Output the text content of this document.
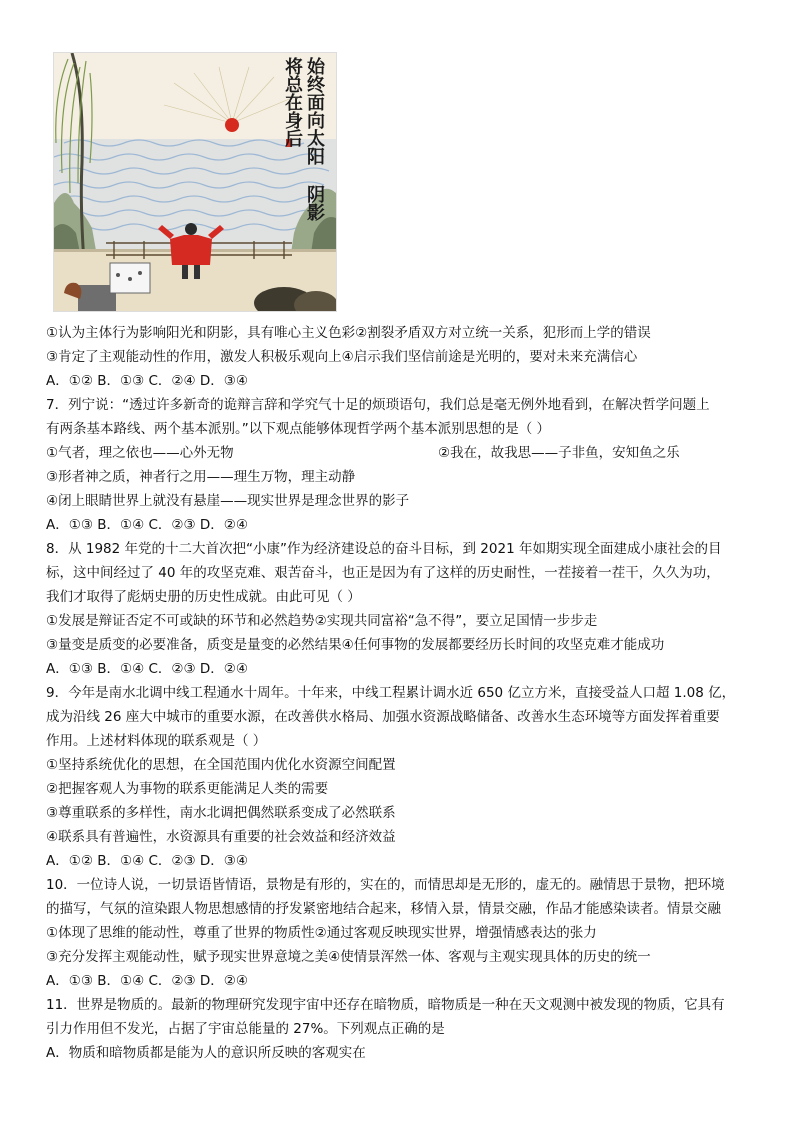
始终面向太阳
阴影
将总在身后
①认为主体行为影响阳光和阴影，具有唯心主义色彩②割裂矛盾双方对立统一关系，犯形而上学的错误
③肯定了主观能动性的作用，激发人积极乐观向上④启示我们坚信前途是光明的，要对未来充满信心
A．①② B．①③ C．②④ D．③④
7．列宁说：“透过许多新奇的诡辩言辞和学究气十足的烦琐语句，我们总是毫无例外地看到，在解决哲学问题上
有两条基本路线、两个基本派别。”以下观点能够体现哲学两个基本派别思想的是（ ）
①气者，理之依也——心外无物	②我在，故我思——子非鱼，安知鱼之乐
③形者神之质，神者行之用——理生万物，理主动静
④闭上眼睛世界上就没有悬崖——现实世界是理念世界的影子
A．①③ B．①④ C．②③ D．②④
8．从 1982 年党的十二大首次把“小康”作为经济建设总的奋斗目标，到 2021 年如期实现全面建成小康社会的目
标，这中间经过了 40 年的攻坚克难、艰苦奋斗，也正是因为有了这样的历史耐性，一茬接着一茬干，久久为功，
我们才取得了彪炳史册的历史性成就。由此可见（ ）
①发展是辩证否定不可或缺的环节和必然趋势②实现共同富裕“急不得”，要立足国情一步步走
③量变是质变的必要准备，质变是量变的必然结果④任何事物的发展都要经历长时间的攻坚克难才能成功
A．①③ B．①④ C．②③ D．②④
9．今年是南水北调中线工程通水十周年。十年来，中线工程累计调水近 650 亿立方米，直接受益人口超 1.08 亿，
成为沿线 26 座大中城市的重要水源，在改善供水格局、加强水资源战略储备、改善水生态环境等方面发挥着重要
作用。上述材料体现的联系观是（ ）
①坚持系统优化的思想，在全国范围内优化水资源空间配置
②把握客观人为事物的联系更能满足人类的需要
③尊重联系的多样性，南水北调把偶然联系变成了必然联系
④联系具有普遍性，水资源具有重要的社会效益和经济效益
A．①② B．①④ C．②③ D．③④
10．一位诗人说，一切景语皆情语，景物是有形的，实在的，而情思却是无形的，虚无的。融情思于景物，把环境
的描写，气氛的渲染跟人物思想感情的抒发紧密地结合起来，移情入景，情景交融，作品才能感染读者。情景交融
①体现了思维的能动性，尊重了世界的物质性②通过客观反映现实世界，增强情感表达的张力
③充分发挥主观能动性，赋予现实世界意境之美④使情景浑然一体、客观与主观实现具体的历史的统一
A．①③ B．①④ C．②③ D．②④
11．世界是物质的。最新的物理研究发现宇宙中还存在暗物质，暗物质是一种在天文观测中被发现的物质，它具有
引力作用但不发光，占据了宇宙总能量的 27%。下列观点正确的是
A．物质和暗物质都是能为人的意识所反映的客观实在
